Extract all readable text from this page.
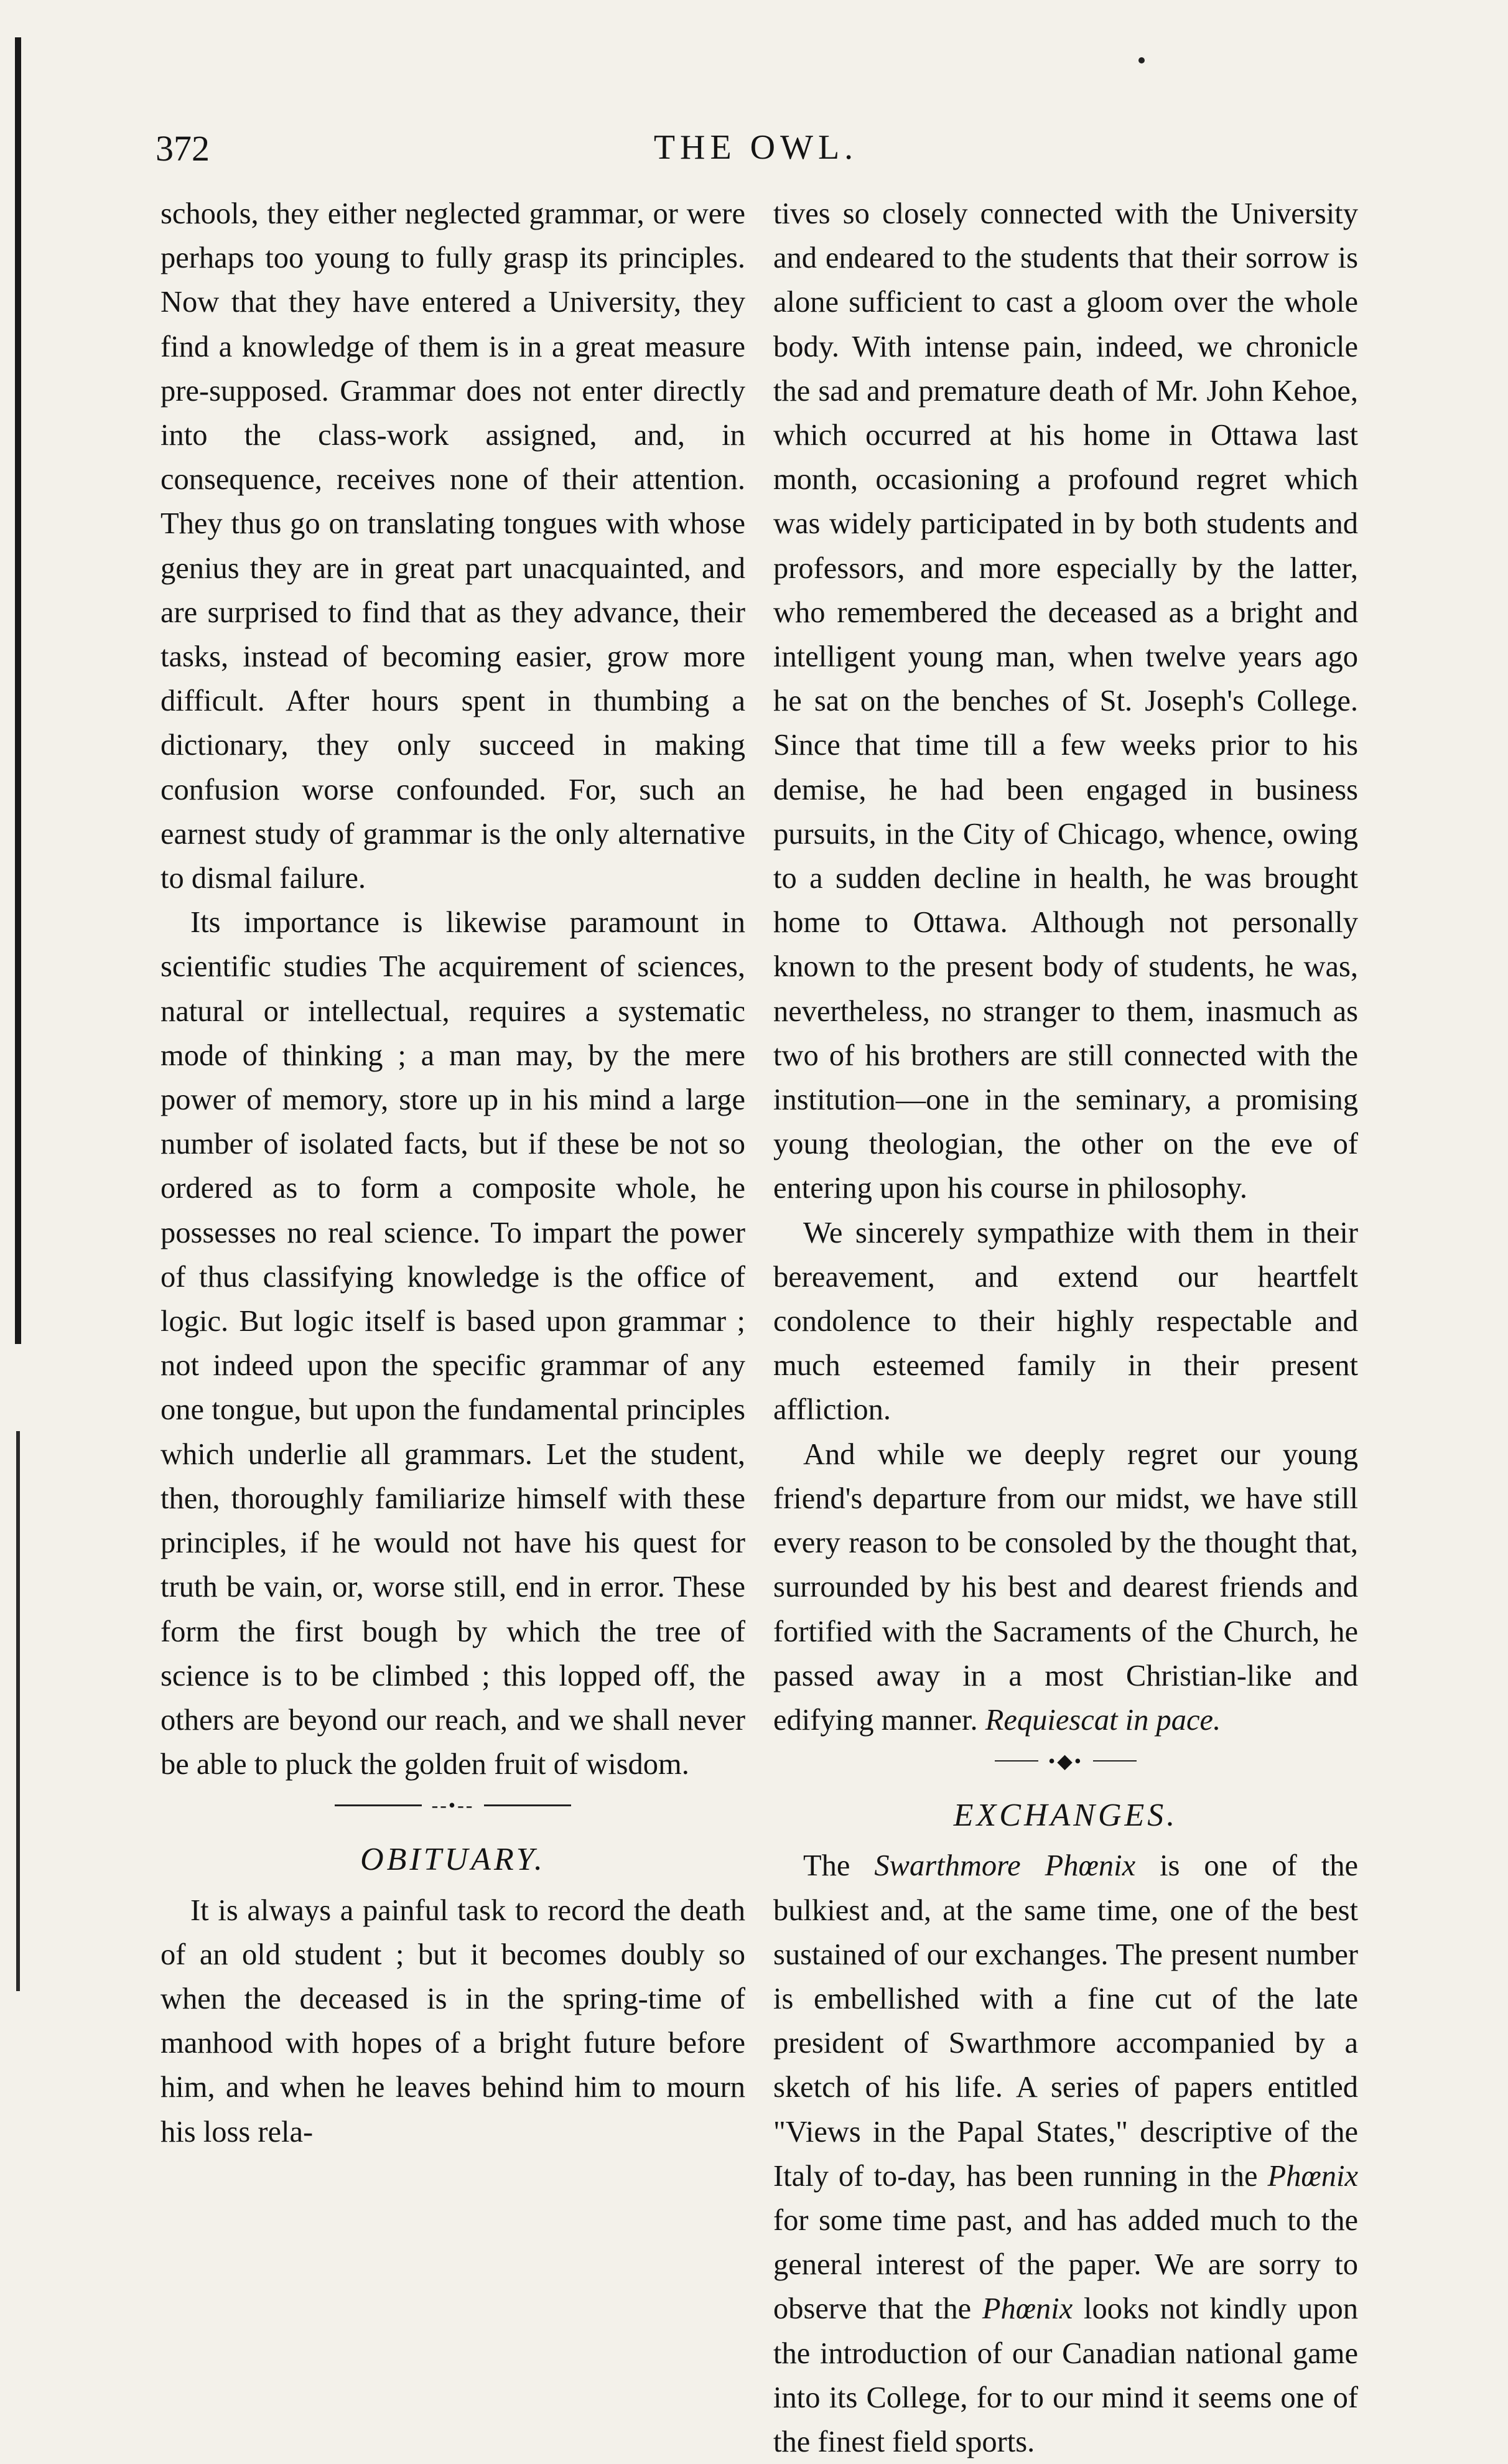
372	THE OWL.

schools, they either neglected grammar, or were perhaps too young to fully grasp its principles. Now that they have entered a University, they find a knowledge of them is in a great measure pre-supposed. Grammar does not enter directly into the class-work assigned, and, in consequence, receives none of their attention. They thus go on translating tongues with whose genius they are in great part unacquainted, and are surprised to find that as they advance, their tasks, instead of becoming easier, grow more difficult. After hours spent in thumbing a dictionary, they only succeed in making confusion worse confounded. For, such an earnest study of grammar is the only alternative to dismal failure.

Its importance is likewise paramount in scientific studies The acquirement of sciences, natural or intellectual, requires a systematic mode of thinking ; a man may, by the mere power of memory, store up in his mind a large number of isolated facts, but if these be not so ordered as to form a composite whole, he possesses no real science. To impart the power of thus classifying knowledge is the office of logic. But logic itself is based upon grammar ; not indeed upon the specific grammar of any one tongue, but upon the fundamental principles which underlie all grammars. Let the student, then, thoroughly familiarize himself with these principles, if he would not have his quest for truth be vain, or, worse still, end in error. These form the first bough by which the tree of science is to be climbed ; this lopped off, the others are beyond our reach, and we shall never be able to pluck the golden fruit of wisdom.

--•--
OBITUARY.

It is always a painful task to record the death of an old student ; but it becomes doubly so when the deceased is in the spring-time of manhood with hopes of a bright future before him, and when he leaves behind him to mourn his loss rela-

tives so closely connected with the University and endeared to the students that their sorrow is alone sufficient to cast a gloom over the whole body. With intense pain, indeed, we chronicle the sad and premature death of Mr. John Kehoe, which occurred at his home in Ottawa last month, occasioning a profound regret which was widely participated in by both students and professors, and more especially by the latter, who remembered the deceased as a bright and intelligent young man, when twelve years ago he sat on the benches of St. Joseph's College. Since that time till a few weeks prior to his demise, he had been engaged in business pursuits, in the City of Chicago, whence, owing to a sudden decline in health, he was brought home to Ottawa. Although not personally known to the present body of students, he was, nevertheless, no stranger to them, inasmuch as two of his brothers are still connected with the institution—one in the seminary, a promising young theologian, the other on the eve of entering upon his course in philosophy.

We sincerely sympathize with them in their bereavement, and extend our heartfelt condolence to their highly respectable and much esteemed family in their present affliction.

And while we deeply regret our young friend's departure from our midst, we have still every reason to be consoled by the thought that, surrounded by his best and dearest friends and fortified with the Sacraments of the Church, he passed away in a most Christian-like and edifying manner. Requiescat in pace.

•◆•
EXCHANGES.

The Swarthmore Phœnix is one of the bulkiest and, at the same time, one of the best sustained of our exchanges. The present number is embellished with a fine cut of the late president of Swarthmore accompanied by a sketch of his life. A series of papers entitled "Views in the Papal States," descriptive of the Italy of to-day, has been running in the Phœnix for some time past, and has added much to the general interest of the paper. We are sorry to observe that the Phœnix looks not kindly upon the introduction of our Canadian national game into its College, for to our mind it seems one of the finest field sports.
